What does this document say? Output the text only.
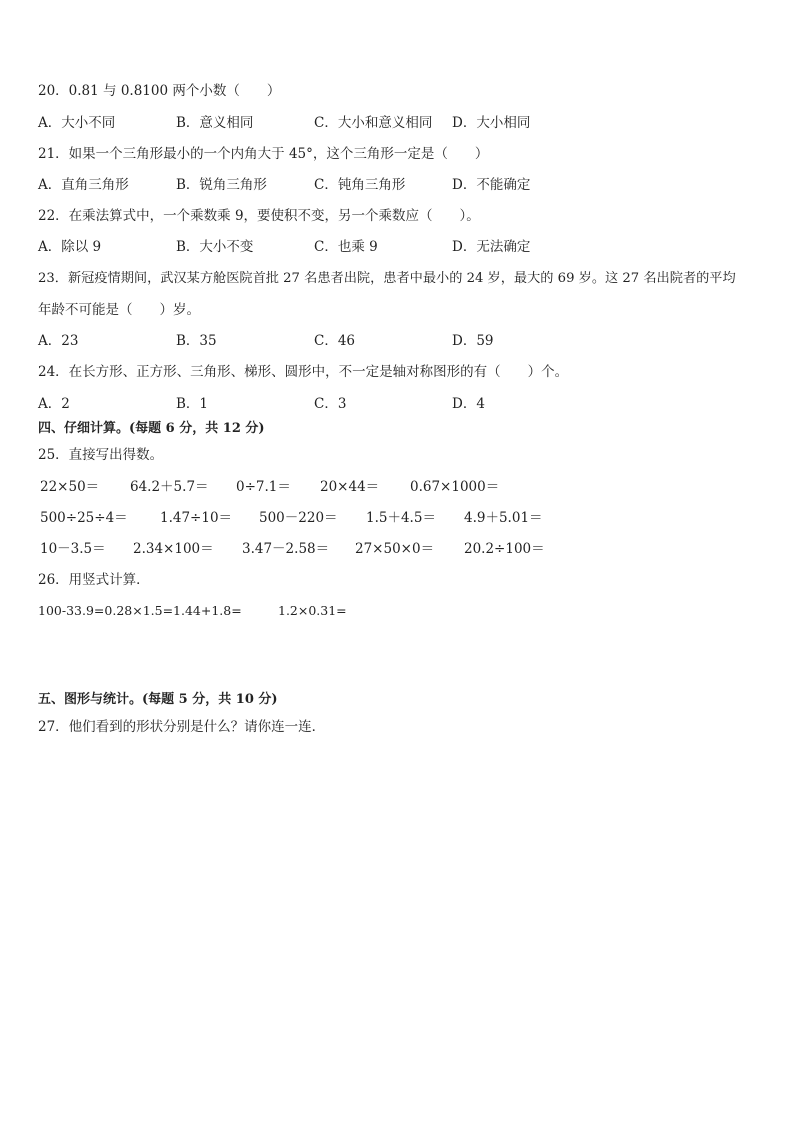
20．0.81 与 0.8100 两个小数（　　）
A．大小不同	B．意义相同	C．大小和意义相同 D．大小相同
21．如果一个三角形最小的一个内角大于 45°，这个三角形一定是（　　）
A．直角三角形	B．锐角三角形	C．钝角三角形	D．不能确定
22．在乘法算式中，一个乘数乘 9，要使积不变，另一个乘数应（　　）。
A．除以 9	B．大小不变	C．也乘 9	D．无法确定
23．新冠疫情期间，武汉某方舱医院首批 27 名患者出院，患者中最小的 24 岁，最大的 69 岁。这 27 名出院者的平均
年龄不可能是（　　）岁。
A．23	B．35	C．46	D．59
24．在长方形、正方形、三角形、梯形、圆形中，不一定是轴对称图形的有（　　）个。
A．2	B．1	C．3	D．4
四、仔细计算。(每题 6 分，共 12 分)
25．直接写出得数。
22×50＝ 64.2＋5.7＝ 0÷7.1＝ 20×44＝ 0.67×1000＝
500÷25÷4＝ 1.47÷10＝ 500－220＝ 1.5＋4.5＝ 4.9＋5.01＝
10－3.5＝ 2.34×100＝ 3.47－2.58＝ 27×50×0＝ 20.2÷100＝
26．用竖式计算．
100-33.9=0.28×1.5=1.44+1.8=	1.2×0.31=
五、图形与统计。(每题 5 分，共 10 分)
27．他们看到的形状分别是什么？请你连一连．
